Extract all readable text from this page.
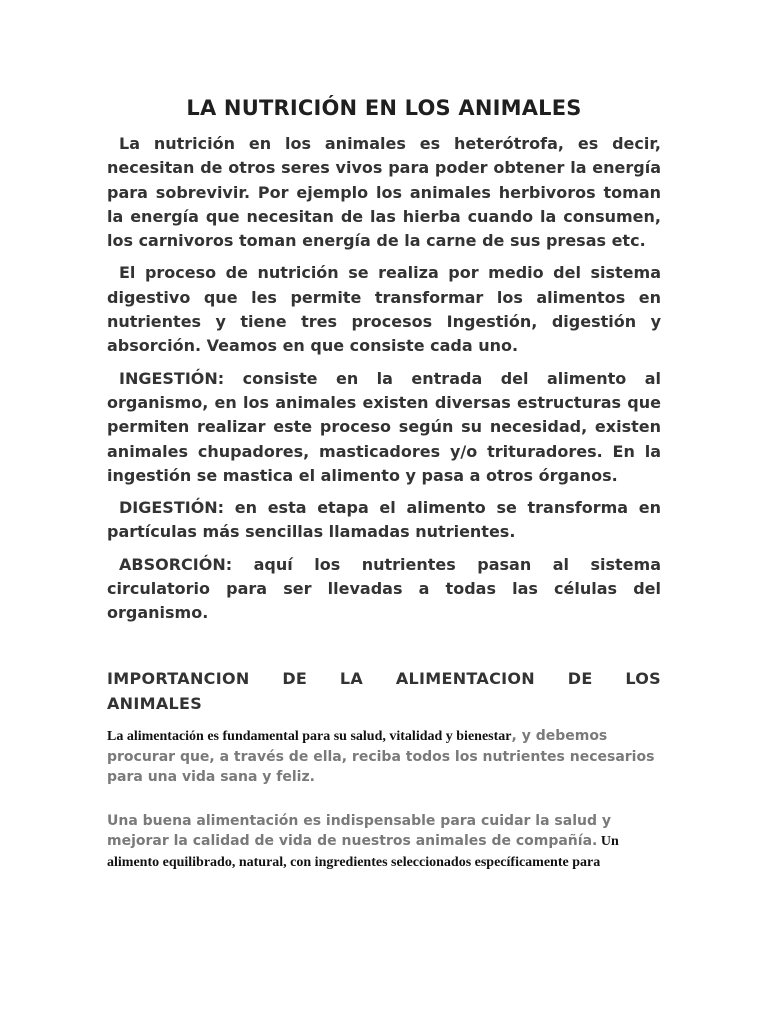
LA NUTRICIÓN EN LOS ANIMALES

La nutrición en los animales es heterótrofa, es decir, necesitan de otros seres vivos para poder obtener la energía para sobrevivir. Por ejemplo los animales herbivoros toman la energía que necesitan de las hierba cuando la consumen, los carnivoros toman energía de la carne de sus presas etc.

El proceso de nutrición se realiza por medio del sistema digestivo que les permite transformar los alimentos en nutrientes y tiene tres procesos Ingestión, digestión y absorción. Veamos en que consiste cada uno.

INGESTIÓN: consiste en la entrada del alimento al organismo, en los animales existen diversas estructuras que permiten realizar este proceso según su necesidad, existen animales chupadores, masticadores y/o trituradores. En la ingestión se mastica el alimento y pasa a otros órganos.

DIGESTIÓN: en esta etapa el alimento se transforma en partículas más sencillas llamadas nutrientes.

ABSORCIÓN: aquí los nutrientes pasan al sistema circulatorio para ser llevadas a todas las células del organismo.

IMPORTANCION DE LA ALIMENTACION DE LOS
ANIMALES

La alimentación es fundamental para su salud, vitalidad y bienestar, y debemos procurar que, a través de ella, reciba todos los nutrientes necesarios para una vida sana y feliz.

Una buena alimentación es indispensable para cuidar la salud y mejorar la calidad de vida de nuestros animales de compañía. Un alimento equilibrado, natural, con ingredientes seleccionados específicamente para
